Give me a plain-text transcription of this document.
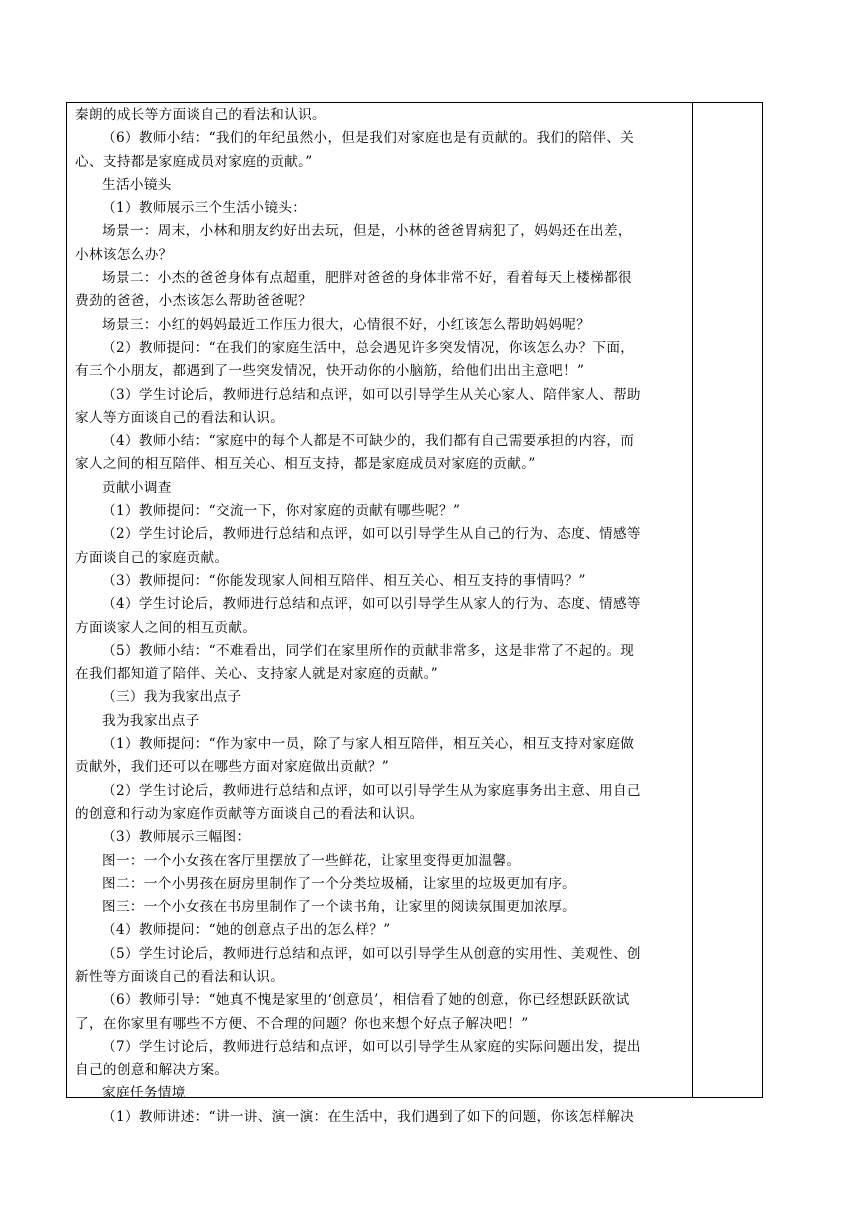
秦朗的成长等方面谈自己的看法和认识。
（6）教师小结：“我们的年纪虽然小，但是我们对家庭也是有贡献的。我们的陪伴、关
心、支持都是家庭成员对家庭的贡献。”
生活小镜头
（1）教师展示三个生活小镜头：
场景一：周末，小林和朋友约好出去玩，但是，小林的爸爸胃病犯了，妈妈还在出差，
小林该怎么办？
场景二：小杰的爸爸身体有点超重，肥胖对爸爸的身体非常不好，看着每天上楼梯都很
费劲的爸爸，小杰该怎么帮助爸爸呢？
场景三：小红的妈妈最近工作压力很大，心情很不好，小红该怎么帮助妈妈呢？
（2）教师提问：“在我们的家庭生活中，总会遇见许多突发情况，你该怎么办？下面，
有三个小朋友，都遇到了一些突发情况，快开动你的小脑筋，给他们出出主意吧！”
（3）学生讨论后，教师进行总结和点评，如可以引导学生从关心家人、陪伴家人、帮助
家人等方面谈自己的看法和认识。
（4）教师小结：“家庭中的每个人都是不可缺少的，我们都有自己需要承担的内容，而
家人之间的相互陪伴、相互关心、相互支持，都是家庭成员对家庭的贡献。”
贡献小调查
（1）教师提问：“交流一下，你对家庭的贡献有哪些呢？”
（2）学生讨论后，教师进行总结和点评，如可以引导学生从自己的行为、态度、情感等
方面谈自己的家庭贡献。
（3）教师提问：“你能发现家人间相互陪伴、相互关心、相互支持的事情吗？”
（4）学生讨论后，教师进行总结和点评，如可以引导学生从家人的行为、态度、情感等
方面谈家人之间的相互贡献。
（5）教师小结：“不难看出，同学们在家里所作的贡献非常多，这是非常了不起的。现
在我们都知道了陪伴、关心、支持家人就是对家庭的贡献。”
（三）我为我家出点子
我为我家出点子
（1）教师提问：“作为家中一员，除了与家人相互陪伴，相互关心，相互支持对家庭做
贡献外，我们还可以在哪些方面对家庭做出贡献？”
（2）学生讨论后，教师进行总结和点评，如可以引导学生从为家庭事务出主意、用自己
的创意和行动为家庭作贡献等方面谈自己的看法和认识。
（3）教师展示三幅图：
图一：一个小女孩在客厅里摆放了一些鲜花，让家里变得更加温馨。
图二：一个小男孩在厨房里制作了一个分类垃圾桶，让家里的垃圾更加有序。
图三：一个小女孩在书房里制作了一个读书角，让家里的阅读氛围更加浓厚。
（4）教师提问：“她的创意点子出的怎么样？”
（5）学生讨论后，教师进行总结和点评，如可以引导学生从创意的实用性、美观性、创
新性等方面谈自己的看法和认识。
（6）教师引导：“她真不愧是家里的‘创意员’，相信看了她的创意，你已经想跃跃欲试
了，在你家里有哪些不方便、不合理的问题？你也来想个好点子解决吧！”
（7）学生讨论后，教师进行总结和点评，如可以引导学生从家庭的实际问题出发，提出
自己的创意和解决方案。
家庭任务情境
（1）教师讲述：“讲一讲、演一演：在生活中，我们遇到了如下的问题，你该怎样解决
